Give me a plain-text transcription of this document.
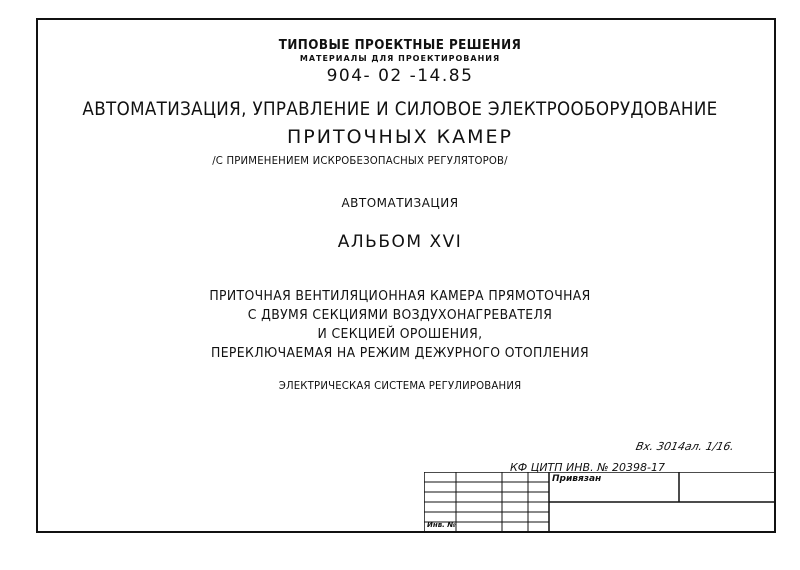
ТИПОВЫЕ ПРОЕКТНЫЕ РЕШЕНИЯ
МАТЕРИАЛЫ ДЛЯ ПРОЕКТИРОВАНИЯ
904- 02 -14.85
АВТОМАТИЗАЦИЯ, УПРАВЛЕНИЕ И СИЛОВОЕ ЭЛЕКТРООБОРУДОВАНИЕ
ПРИТОЧНЫХ КАМЕР
/С ПРИМЕНЕНИЕМ ИСКРОБЕЗОПАСНЫХ РЕГУЛЯТОРОВ/
АВТОМАТИЗАЦИЯ
АЛЬБОМ XVI
ПРИТОЧНАЯ ВЕНТИЛЯЦИОННАЯ КАМЕРА ПРЯМОТОЧНАЯ
С ДВУМЯ СЕКЦИЯМИ ВОЗДУХОНАГРЕВАТЕЛЯ
И СЕКЦИЕЙ ОРОШЕНИЯ,
ПЕРЕКЛЮЧАЕМАЯ НА РЕЖИМ ДЕЖУРНОГО ОТОПЛЕНИЯ
ЭЛЕКТРИЧЕСКАЯ СИСТЕМА РЕГУЛИРОВАНИЯ
Вх. 3014ал. 1/16.
КФ ЦИТП ИНВ. № 20398-17
Привязан
Инв. №
